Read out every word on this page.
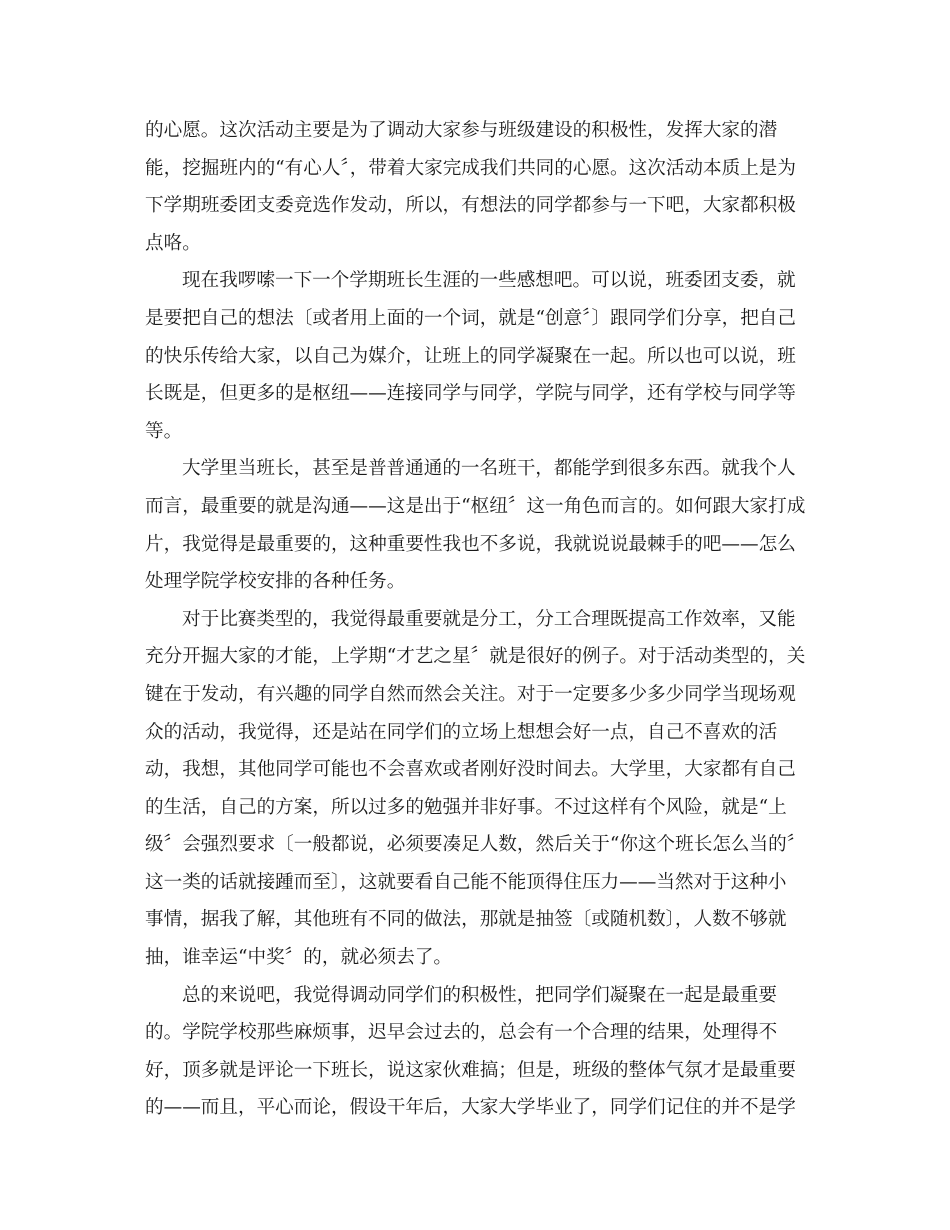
的心愿。这次活动主要是为了调动大家参与班级建设的积极性，发挥大家的潜
能，挖掘班内的“有心人〞，带着大家完成我们共同的心愿。这次活动本质上是为
下学期班委团支委竞选作发动，所以，有想法的同学都参与一下吧，大家都积极
点咯。
现在我啰嗦一下一个学期班长生涯的一些感想吧。可以说，班委团支委，就
是要把自己的想法〔或者用上面的一个词，就是“创意〞〕跟同学们分享，把自己
的快乐传给大家，以自己为媒介，让班上的同学凝聚在一起。所以也可以说，班
长既是，但更多的是枢纽——连接同学与同学，学院与同学，还有学校与同学等
等。
大学里当班长，甚至是普普通通的一名班干，都能学到很多东西。就我个人
而言，最重要的就是沟通——这是出于“枢纽〞这一角色而言的。如何跟大家打成
片，我觉得是最重要的，这种重要性我也不多说，我就说说最棘手的吧——怎么
处理学院学校安排的各种任务。
对于比赛类型的，我觉得最重要就是分工，分工合理既提高工作效率，又能
充分开掘大家的才能，上学期“才艺之星〞就是很好的例子。对于活动类型的，关
键在于发动，有兴趣的同学自然而然会关注。对于一定要多少多少同学当现场观
众的活动，我觉得，还是站在同学们的立场上想想会好一点，自己不喜欢的活
动，我想，其他同学可能也不会喜欢或者刚好没时间去。大学里，大家都有自己
的生活，自己的方案，所以过多的勉强并非好事。不过这样有个风险，就是“上
级〞会强烈要求〔一般都说，必须要凑足人数，然后关于“你这个班长怎么当的〞
这一类的话就接踵而至〕，这就要看自己能不能顶得住压力——当然对于这种小
事情，据我了解，其他班有不同的做法，那就是抽签〔或随机数〕，人数不够就
抽，谁幸运“中奖〞的，就必须去了。
总的来说吧，我觉得调动同学们的积极性，把同学们凝聚在一起是最重要
的。学院学校那些麻烦事，迟早会过去的，总会有一个合理的结果，处理得不
好，顶多就是评论一下班长，说这家伙难搞；但是，班级的整体气氛才是最重要
的——而且，平心而论，假设干年后，大家大学毕业了，同学们记住的并不是学
